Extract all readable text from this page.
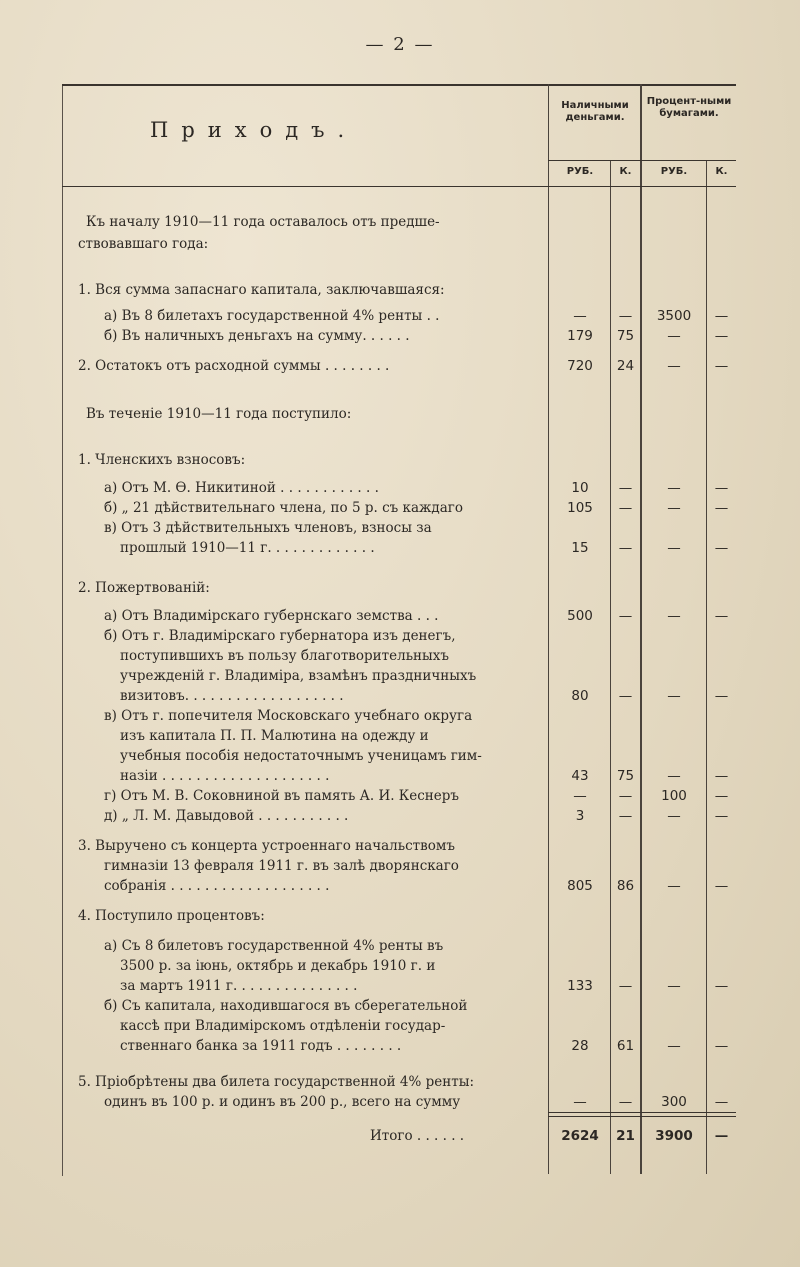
— 2 —
Приходъ.
Наличными деньгами.
Процент-ными бумагами.
РУБ.	К.	РУБ.	К.
Къ началу 1910—11 года оставалось отъ предше-
ствовавшаго года:
1. Вся сумма запаснаго капитала, заключавшаяся:
а) Въ 8 билетахъ государственной 4% ренты . .	—	—	3500	—
б) Въ наличныхъ деньгахъ на сумму. . . . . .	179	75	—	—
2. Остатокъ отъ расходной суммы . . . . . . . .	720	24	—	—
Въ теченіе 1910—11 года поступило:
1. Членскихъ взносовъ:
а) Отъ М. Ѳ. Никитиной . . . . . . . . . . . .	10	—	—	—
б) „ 21 дѣйствительнаго члена, по 5 р. съ каждаго	105	—	—	—
в) Отъ 3 дѣйствительныхъ членовъ, взносы за
прошлый 1910—11 г. . . . . . . . . . . . .	15	—	—	—
2. Пожертвованій:
а) Отъ Владимірскаго губернскаго земства . . .	500	—	—	—
б) Отъ г. Владимірскаго губернатора изъ денегъ,
поступившихъ въ пользу благотворительныхъ
учрежденій г. Владиміра, взамѣнъ праздничныхъ
визитовъ. . . . . . . . . . . . . . . . . . .	80	—	—	—
в) Отъ г. попечителя Московскаго учебнаго округа
изъ капитала П. П. Малютина на одежду и
учебныя пособія недостаточнымъ ученицамъ гим-
назіи . . . . . . . . . . . . . . . . . . . .	43	75	—	—
г) Отъ М. В. Соковниной въ память А. И. Кеснеръ	—	—	100	—
д) „ Л. М. Давыдовой . . . . . . . . . . .	3	—	—	—
3. Выручено съ концерта устроеннаго начальствомъ
гимназіи 13 февраля 1911 г. въ залѣ дворянскаго
собранія . . . . . . . . . . . . . . . . . . .	805	86	—	—
4. Поступило процентовъ:
а) Съ 8 билетовъ государственной 4% ренты въ
3500 р. за іюнь, октябрь и декабрь 1910 г. и
за мартъ 1911 г. . . . . . . . . . . . . . .	133	—	—	—
б) Съ капитала, находившагося въ сберегательной
кассѣ при Владимірскомъ отдѣленіи государ-
ственнаго банка за 1911 годъ . . . . . . . .	28	61	—	—
5. Пріобрѣтены два билета государственной 4% ренты:
одинъ въ 100 р. и одинъ въ 200 р., всего на сумму	—	—	300	—
Итого . . . . . .	2624	21	3900	—
